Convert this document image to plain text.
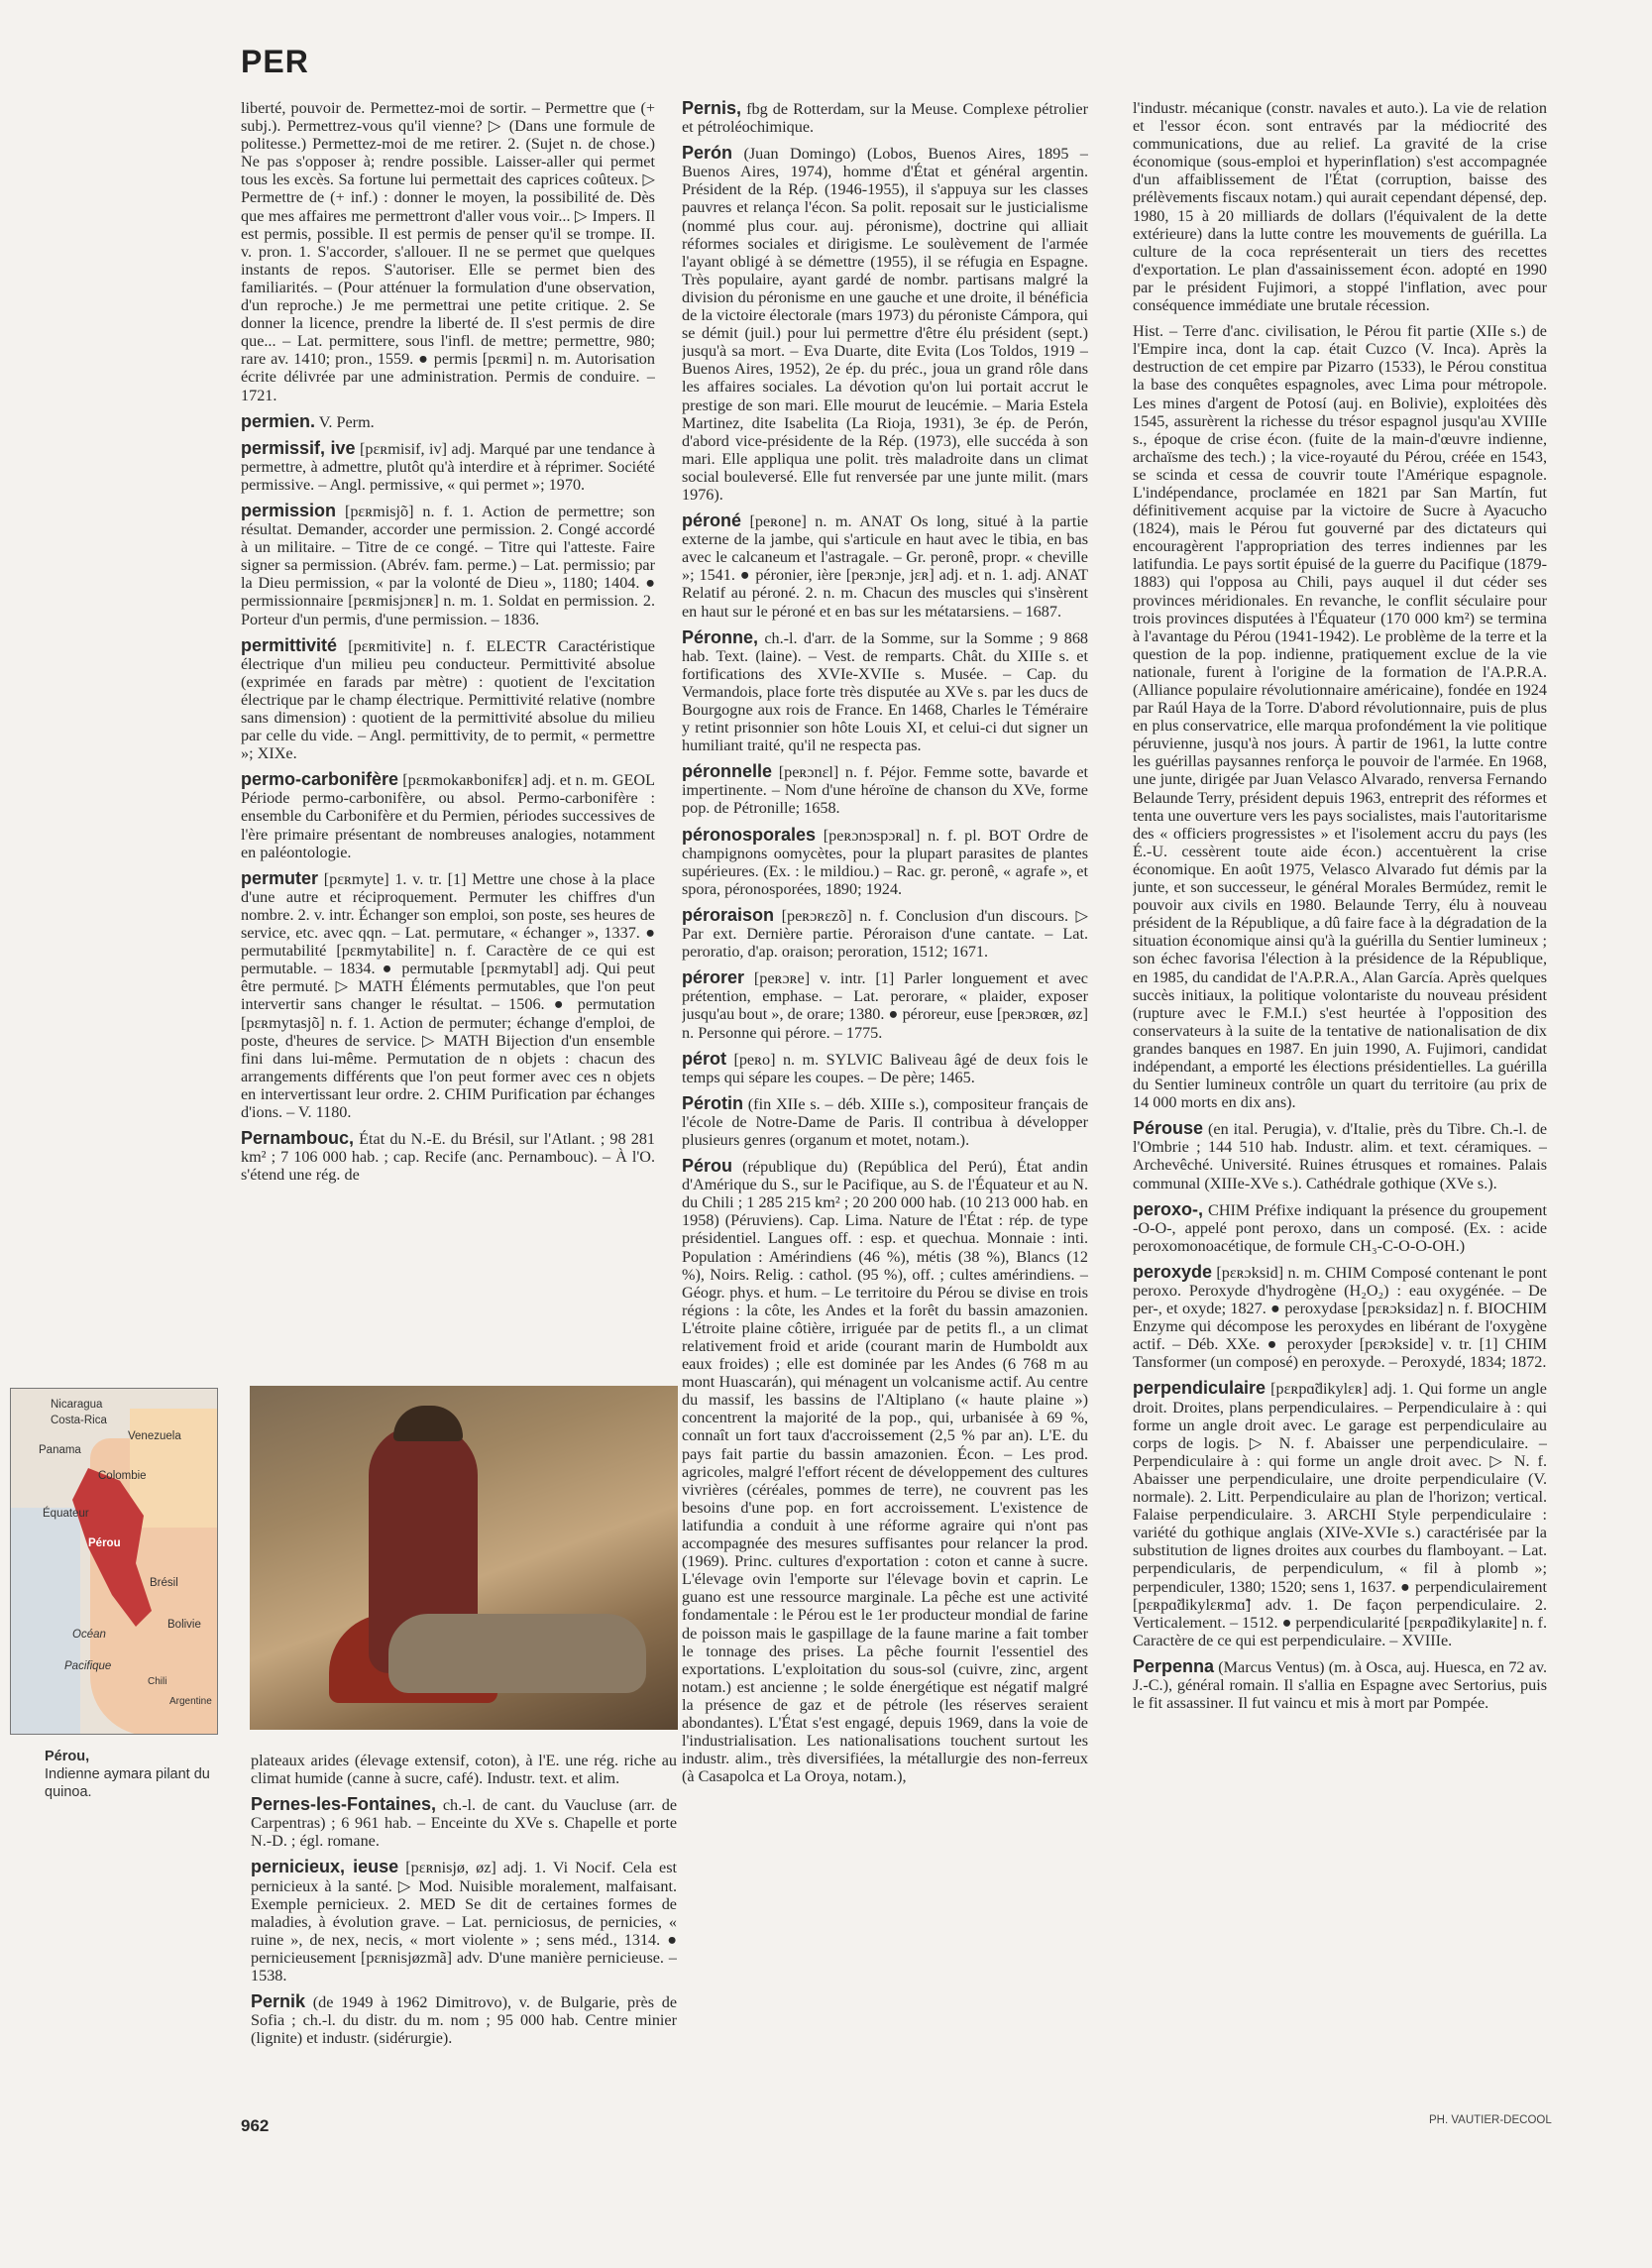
PER

liberté, pouvoir de. Permettez-moi de sortir. – Permettre que (+ subj.). Permettrez-vous qu'il vienne? ▷ (Dans une formule de politesse.) Permettez-moi de me retirer. 2. (Sujet n. de chose.) Ne pas s'opposer à; rendre possible. Laisser-aller qui permet tous les excès. Sa fortune lui permettait des caprices coûteux. ▷ Permettre de (+ inf.) : donner le moyen, la possibilité de. Dès que mes affaires me permettront d'aller vous voir... ▷ Impers. Il est permis, possible. Il est permis de penser qu'il se trompe. II. v. pron. 1. S'accorder, s'allouer. Il ne se permet que quelques instants de repos. S'autoriser. Elle se permet bien des familiarités. – (Pour atténuer la formulation d'une observation, d'un reproche.) Je me permettrai une petite critique. 2. Se donner la licence, prendre la liberté de. Il s'est permis de dire que... – Lat. permittere, sous l'infl. de mettre; permettre, 980; rare av. 1410; pron., 1559. ● permis [pɛʀmi] n. m. Autorisation écrite délivrée par une administration. Permis de conduire. – 1721.

permien. V. Perm.

permissif, ive [pɛʀmisif, iv] adj. Marqué par une tendance à permettre, à admettre, plutôt qu'à interdire et à réprimer. Société permissive. – Angl. permissive, « qui permet »; 1970.

permission [pɛʀmisjõ] n. f. 1. Action de permettre; son résultat. Demander, accorder une permission. 2. Congé accordé à un militaire. – Titre de ce congé. – Titre qui l'atteste. Faire signer sa permission. (Abrév. fam. perme.) – Lat. permissio; par la Dieu permission, « par la volonté de Dieu », 1180; 1404. ● permissionnaire [pɛʀmisjɔnɛʀ] n. m. 1. Soldat en permission. 2. Porteur d'un permis, d'une permission. – 1836.

permittivité [pɛʀmitivite] n. f. ELECTR Caractéristique électrique d'un milieu peu conducteur. Permittivité absolue (exprimée en farads par mètre) : quotient de l'excitation électrique par le champ électrique. Permittivité relative (nombre sans dimension) : quotient de la permittivité absolue du milieu par celle du vide. – Angl. permittivity, de to permit, « permettre »; XIXe.

permo-carbonifère [pɛʀmokaʀbonifɛʀ] adj. et n. m. GEOL Période permo-carbonifère, ou absol. Permo-carbonifère : ensemble du Carbonifère et du Permien, périodes successives de l'ère primaire présentant de nombreuses analogies, notamment en paléontologie.

permuter [pɛʀmyte] 1. v. tr. [1] Mettre une chose à la place d'une autre et réciproquement. Permuter les chiffres d'un nombre. 2. v. intr. Échanger son emploi, son poste, ses heures de service, etc. avec qqn. – Lat. permutare, « échanger », 1337. ● permutabilité [pɛʀmytabilite] n. f. Caractère de ce qui est permutable. – 1834. ● permutable [pɛʀmytabl] adj. Qui peut être permuté. ▷ MATH Éléments permutables, que l'on peut intervertir sans changer le résultat. – 1506. ● permutation [pɛʀmytasjõ] n. f. 1. Action de permuter; échange d'emploi, de poste, d'heures de service. ▷ MATH Bijection d'un ensemble fini dans lui-même. Permutation de n objets : chacun des arrangements différents que l'on peut former avec ces n objets en intervertissant leur ordre. 2. CHIM Purification par échanges d'ions. – V. 1180.

Pernambouc, État du N.-E. du Brésil, sur l'Atlant. ; 98 281 km² ; 7 106 000 hab. ; cap. Recife (anc. Pernambouc). – À l'O. s'étend une rég. de

Pernis, fbg de Rotterdam, sur la Meuse. Complexe pétrolier et pétroléochimique.

Perón (Juan Domingo) (Lobos, Buenos Aires, 1895 – Buenos Aires, 1974), homme d'État et général argentin. Président de la Rép. (1946-1955), il s'appuya sur les classes pauvres et relança l'écon. Sa polit. reposait sur le justicialisme (nommé plus cour. auj. péronisme), doctrine qui alliait réformes sociales et dirigisme. Le soulèvement de l'armée l'ayant obligé à se démettre (1955), il se réfugia en Espagne. Très populaire, ayant gardé de nombr. partisans malgré la division du péronisme en une gauche et une droite, il bénéficia de la victoire électorale (mars 1973) du péroniste Cámpora, qui se démit (juil.) pour lui permettre d'être élu président (sept.) jusqu'à sa mort. – Eva Duarte, dite Evita (Los Toldos, 1919 – Buenos Aires, 1952), 2e ép. du préc., joua un grand rôle dans les affaires sociales. La dévotion qu'on lui portait accrut le prestige de son mari. Elle mourut de leucémie. – Maria Estela Martinez, dite Isabelita (La Rioja, 1931), 3e ép. de Perón, d'abord vice-présidente de la Rép. (1973), elle succéda à son mari. Elle appliqua une polit. très maladroite dans un climat social bouleversé. Elle fut renversée par une junte milit. (mars 1976).

péroné [peʀone] n. m. ANAT Os long, situé à la partie externe de la jambe, qui s'articule en haut avec le tibia, en bas avec le calcaneum et l'astragale. – Gr. peronê, propr. « cheville »; 1541. ● péronier, ière [peʀɔnje, jɛʀ] adj. et n. 1. adj. ANAT Relatif au péroné. 2. n. m. Chacun des muscles qui s'insèrent en haut sur le péroné et en bas sur les métatarsiens. – 1687.

Péronne, ch.-l. d'arr. de la Somme, sur la Somme ; 9 868 hab. Text. (laine). – Vest. de remparts. Chât. du XIIIe s. et fortifications des XVIe-XVIIe s. Musée. – Cap. du Vermandois, place forte très disputée au XVe s. par les ducs de Bourgogne aux rois de France. En 1468, Charles le Téméraire y retint prisonnier son hôte Louis XI, et celui-ci dut signer un humiliant traité, qu'il ne respecta pas.

péronnelle [peʀɔnɛl] n. f. Péjor. Femme sotte, bavarde et impertinente. – Nom d'une héroïne de chanson du XVe, forme pop. de Pétronille; 1658.

péronosporales [peʀɔnɔspɔʀal] n. f. pl. BOT Ordre de champignons oomycètes, pour la plupart parasites de plantes supérieures. (Ex. : le mildiou.) – Rac. gr. peronê, « agrafe », et spora, péronosporées, 1890; 1924.

péroraison [peʀɔʀɛzõ] n. f. Conclusion d'un discours. ▷ Par ext. Dernière partie. Péroraison d'une cantate. – Lat. peroratio, d'ap. oraison; peroration, 1512; 1671.

pérorer [peʀɔʀe] v. intr. [1] Parler longuement et avec prétention, emphase. – Lat. perorare, « plaider, exposer jusqu'au bout », de orare; 1380. ● péroreur, euse [peʀɔʀœʀ, øz] n. Personne qui pérore. – 1775.

pérot [peʀo] n. m. SYLVIC Baliveau âgé de deux fois le temps qui sépare les coupes. – De père; 1465.

Pérotin (fin XIIe s. – déb. XIIIe s.), compositeur français de l'école de Notre-Dame de Paris. Il contribua à développer plusieurs genres (organum et motet, notam.).

Pérou (république du) (República del Perú), État andin d'Amérique du S., sur le Pacifique, au S. de l'Équateur et au N. du Chili ; 1 285 215 km² ; 20 200 000 hab. (10 213 000 hab. en 1958) (Péruviens). Cap. Lima. Nature de l'État : rép. de type présidentiel. Langues off. : esp. et quechua. Monnaie : inti. Population : Amérindiens (46 %), métis (38 %), Blancs (12 %), Noirs. Relig. : cathol. (95 %), off. ; cultes amérindiens. – Géogr. phys. et hum. – Le territoire du Pérou se divise en trois régions : la côte, les Andes et la forêt du bassin amazonien. L'étroite plaine côtière, irriguée par de petits fl., a un climat relativement froid et aride (courant marin de Humboldt aux eaux froides) ; elle est dominée par les Andes (6 768 m au mont Huascarán), qui ménagent un volcanisme actif. Au centre du massif, les bassins de l'Altiplano (« haute plaine ») concentrent la majorité de la pop., qui, urbanisée à 69 %, connaît un fort taux d'accroissement (2,5 % par an). L'E. du pays fait partie du bassin amazonien. Écon. – Les prod. agricoles, malgré l'effort récent de développement des cultures vivrières (céréales, pommes de terre), ne couvrent pas les besoins d'une pop. en fort accroissement. L'existence de latifundia a conduit à une réforme agraire qui n'ont pas accompagnée des mesures suffisantes pour relancer la prod. (1969). Princ. cultures d'exportation : coton et canne à sucre. L'élevage ovin l'emporte sur l'élevage bovin et caprin. Le guano est une ressource marginale. La pêche est une activité fondamentale : le Pérou est le 1er producteur mondial de farine de poisson mais le gaspillage de la faune marine a fait tomber le tonnage des prises. La pêche fournit l'essentiel des exportations. L'exploitation du sous-sol (cuivre, zinc, argent notam.) est ancienne ; le solde énergétique est négatif malgré la présence de gaz et de pétrole (les réserves seraient abondantes). L'État s'est engagé, depuis 1969, dans la voie de l'industrialisation. Les nationalisations touchent surtout les industr. alim., très diversifiées, la métallurgie des non-ferreux (à Casapolca et La Oroya, notam.),

l'industr. mécanique (constr. navales et auto.). La vie de relation et l'essor écon. sont entravés par la médiocrité des communications, due au relief. La gravité de la crise économique (sous-emploi et hyperinflation) s'est accompagnée d'un affaiblissement de l'État (corruption, baisse des prélèvements fiscaux notam.) qui aurait cependant dépensé, dep. 1980, 15 à 20 milliards de dollars (l'équivalent de la dette extérieure) dans la lutte contre les mouvements de guérilla. La culture de la coca représenterait un tiers des recettes d'exportation. Le plan d'assainissement écon. adopté en 1990 par le président Fujimori, a stoppé l'inflation, avec pour conséquence immédiate une brutale récession.

Hist. – Terre d'anc. civilisation, le Pérou fit partie (XIIe s.) de l'Empire inca, dont la cap. était Cuzco (V. Inca). Après la destruction de cet empire par Pizarro (1533), le Pérou constitua la base des conquêtes espagnoles, avec Lima pour métropole. Les mines d'argent de Potosí (auj. en Bolivie), exploitées dès 1545, assurèrent la richesse du trésor espagnol jusqu'au XVIIIe s., époque de crise écon. (fuite de la main-d'œuvre indienne, archaïsme des tech.) ; la vice-royauté du Pérou, créée en 1543, se scinda et cessa de couvrir toute l'Amérique espagnole. L'indépendance, proclamée en 1821 par San Martín, fut définitivement acquise par la victoire de Sucre à Ayacucho (1824), mais le Pérou fut gouverné par des dictateurs qui encouragèrent l'appropriation des terres indiennes par les latifundia. Le pays sortit épuisé de la guerre du Pacifique (1879-1883) qui l'opposa au Chili, pays auquel il dut céder ses provinces méridionales. En revanche, le conflit séculaire pour trois provinces disputées à l'Équateur (170 000 km²) se termina à l'avantage du Pérou (1941-1942). Le problème de la terre et la question de la pop. indienne, pratiquement exclue de la vie nationale, furent à l'origine de la formation de l'A.P.R.A. (Alliance populaire révolutionnaire américaine), fondée en 1924 par Raúl Haya de la Torre. D'abord révolutionnaire, puis de plus en plus conservatrice, elle marqua profondément la vie politique péruvienne, jusqu'à nos jours. À partir de 1961, la lutte contre les guérillas paysannes renforça le pouvoir de l'armée. En 1968, une junte, dirigée par Juan Velasco Alvarado, renversa Fernando Belaunde Terry, président depuis 1963, entreprit des réformes et tenta une ouverture vers les pays socialistes, mais l'autoritarisme des « officiers progressistes » et l'isolement accru du pays (les É.-U. cessèrent toute aide écon.) accentuèrent la crise économique. En août 1975, Velasco Alvarado fut démis par la junte, et son successeur, le général Morales Bermúdez, remit le pouvoir aux civils en 1980. Belaunde Terry, élu à nouveau président de la République, a dû faire face à la dégradation de la situation économique ainsi qu'à la guérilla du Sentier lumineux ; son échec favorisa l'élection à la présidence de la République, en 1985, du candidat de l'A.P.R.A., Alan García. Après quelques succès initiaux, la politique volontariste du nouveau président (rupture avec le F.M.I.) s'est heurtée à l'opposition des conservateurs à la suite de la tentative de nationalisation de dix grandes banques en 1987. En juin 1990, A. Fujimori, candidat indépendant, a emporté les élections présidentielles. La guérilla du Sentier lumineux contrôle un quart du territoire (au prix de 14 000 morts en dix ans).

Pérouse (en ital. Perugia), v. d'Italie, près du Tibre. Ch.-l. de l'Ombrie ; 144 510 hab. Industr. alim. et text. céramiques. – Archevêché. Université. Ruines étrusques et romaines. Palais communal (XIIIe-XVe s.). Cathédrale gothique (XVe s.).

peroxo-, CHIM Préfixe indiquant la présence du groupement -O-O-, appelé pont peroxo, dans un composé. (Ex. : acide peroxomonoacétique, de formule CH₃-C-O-O-OH.)

peroxyde [pɛʀɔksid] n. m. CHIM Composé contenant le pont peroxo. Peroxyde d'hydrogène (H₂O₂) : eau oxygénée. – De per-, et oxyde; 1827. ● peroxydase [pɛʀɔksidaz] n. f. BIOCHIM Enzyme qui décompose les peroxydes en libérant de l'oxygène actif. – Déb. XXe. ● peroxyder [pɛʀɔkside] v. tr. [1] CHIM Tansformer (un composé) en peroxyde. – Peroxydé, 1834; 1872.

perpendiculaire [pɛʀpɑ̃dikylɛʀ] adj. 1. Qui forme un angle droit. Droites, plans perpendiculaires. – Perpendiculaire à : qui forme un angle droit avec. Le garage est perpendiculaire au corps de logis. ▷ N. f. Abaisser une perpendiculaire. – Perpendiculaire à : qui forme un angle droit avec. ▷ N. f. Abaisser une perpendiculaire, une droite perpendiculaire (V. normale). 2. Litt. Perpendiculaire au plan de l'horizon; vertical. Falaise perpendiculaire. 3. ARCHI Style perpendiculaire : variété du gothique anglais (XIVe-XVIe s.) caractérisée par la substitution de lignes droites aux courbes du flamboyant. – Lat. perpendicularis, de perpendiculum, « fil à plomb »; perpendiculer, 1380; 1520; sens 1, 1637. ● perpendiculairement [pɛʀpɑ̃dikylɛʀmɑ̃] adv. 1. De façon perpendiculaire. 2. Verticalement. – 1512. ● perpendicularité [pɛʀpɑ̃dikylaʀite] n. f. Caractère de ce qui est perpendiculaire. – XVIIIe.

Perpenna (Marcus Ventus) (m. à Osca, auj. Huesca, en 72 av. J.-C.), général romain. Il s'allia en Espagne avec Sertorius, puis le fit assassiner. Il fut vaincu et mis à mort par Pompée.

Nicaragua
Costa-Rica
Panama
Venezuela
Colombie
Équateur
Pérou
Brésil
Bolivie
Océan
Pacifique
Chili
Argentine
Pérou,
Indienne aymara pilant du quinoa.

plateaux arides (élevage extensif, coton), à l'E. une rég. riche au climat humide (canne à sucre, café). Industr. text. et alim.

Pernes-les-Fontaines, ch.-l. de cant. du Vaucluse (arr. de Carpentras) ; 6 961 hab. – Enceinte du XVe s. Chapelle et porte N.-D. ; égl. romane.

pernicieux, ieuse [pɛʀnisjø, øz] adj. 1. Vi Nocif. Cela est pernicieux à la santé. ▷ Mod. Nuisible moralement, malfaisant. Exemple pernicieux. 2. MED Se dit de certaines formes de maladies, à évolution grave. – Lat. perniciosus, de pernicies, « ruine », de nex, necis, « mort violente » ; sens méd., 1314. ● pernicieusement [pɛʀnisjøzmã] adv. D'une manière pernicieuse. – 1538.

Pernik (de 1949 à 1962 Dimitrovo), v. de Bulgarie, près de Sofia ; ch.-l. du distr. du m. nom ; 95 000 hab. Centre minier (lignite) et industr. (sidérurgie).

962	PH. VAUTIER-DECOOL
